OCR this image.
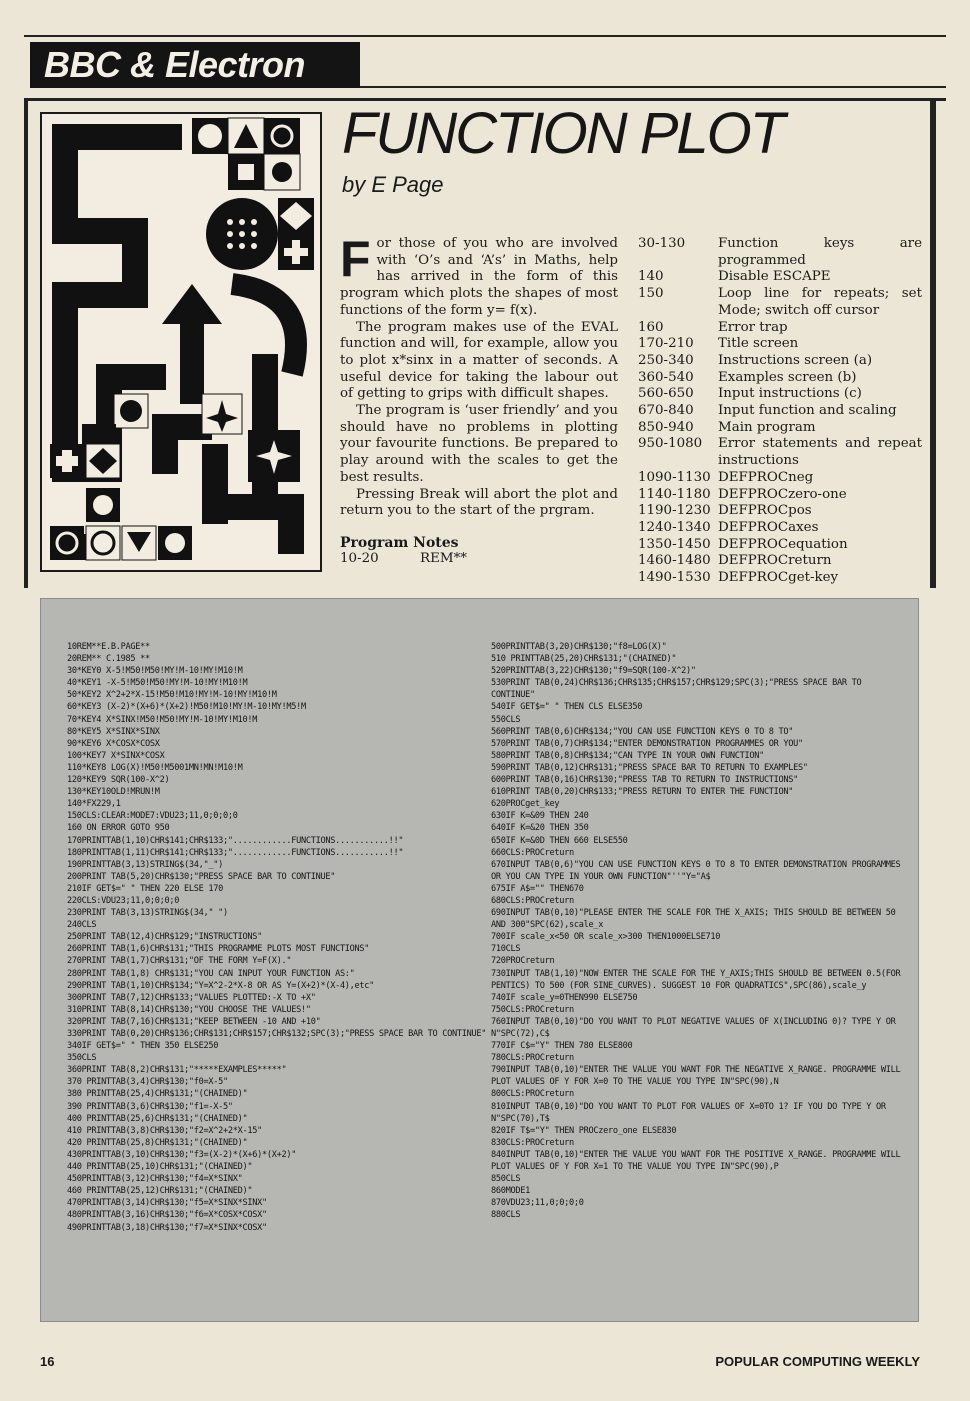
BBC & Electron
FUNCTION PLOT
by E Page

For those of you who are involved with ‘O’s and ‘A’s’ in Maths, help has arrived in the form of this program which plots the shapes of most functions of the form y= f(x).

The program makes use of the EVAL function and will, for example, allow you to plot x*sinx in a matter of seconds. A useful device for taking the labour out of getting to grips with difficult shapes.

The program is ‘user friendly’ and you should have no problems in plotting your favourite functions. Be prepared to play around with the scales to get the best results.

Pressing Break will abort the plot and return you to the start of the prgram.

Program Notes
10-20	REM**
30-130	Function keys are programmed
140	Disable ESCAPE
150	Loop line for repeats; set Mode; switch off cursor
160	Error trap
170-210	Title screen
250-340	Instructions screen (a)
360-540	Examples screen (b)
560-650	Input instructions (c)
670-840	Input function and scaling
850-940	Main program
950-1080	Error statements and repeat instructions
1090-1130 DEFPROCneg
1140-1180 DEFPROCzero-one
1190-1230 DEFPROCpos
1240-1340 DEFPROCaxes
1350-1450 DEFPROCequation
1460-1480 DEFPROCreturn
1490-1530 DEFPROCget-key
10REM**E.B.PAGE**
20REM** C.1985 **
30*KEY0 X-5!M50!M50!MY!M-10!MY!M10!M
40*KEY1 -X-5!M50!M50!MY!M-10!MY!M10!M
50*KEY2 X^2+2*X-15!M50!M10!MY!M-10!MY!M10!M
60*KEY3 (X-2)*(X+6)*(X+2)!M50!M10!MY!M-10!MY!M5!M
70*KEY4 X*SINX!M50!M50!MY!M-10!MY!M10!M
80*KEY5 X*SINX*SINX
90*KEY6 X*COSX*COSX
100*KEY7 X*SINX*COSX
110*KEY8 LOG(X)!M50!M5001MN!MN!M10!M
120*KEY9 SQR(100-X^2)
130*KEY10OLD!MRUN!M
140*FX229,1
150CLS:CLEAR:MODE7:VDU23;11,0;0;0;0
160 ON ERROR GOTO 950
170PRINTTAB(1,10)CHR$141;CHR$133;"............FUNCTIONS...........!!"
180PRINTTAB(1,11)CHR$141;CHR$133;"............FUNCTIONS...........!!"
190PRINTTAB(3,13)STRING$(34,"_")
200PRINT TAB(5,20)CHR$130;"PRESS SPACE BAR TO CONTINUE"
210IF GET$=" " THEN 220 ELSE 170
220CLS:VDU23;11,0;0;0;0
230PRINT TAB(3,13)STRING$(34," ")
240CLS
250PRINT TAB(12,4)CHR$129;"INSTRUCTIONS"
260PRINT TAB(1,6)CHR$131;"THIS PROGRAMME PLOTS MOST FUNCTIONS"
270PRINT TAB(1,7)CHR$131;"OF THE FORM Y=F(X)."
280PRINT TAB(1,8) CHR$131;"YOU CAN INPUT YOUR FUNCTION AS:"
290PRINT TAB(1,10)CHR$134;"Y=X^2-2*X-8 OR AS Y=(X+2)*(X-4),etc"
300PRINT TAB(7,12)CHR$133;"VALUES PLOTTED:-X TO +X"
310PRINT TAB(8,14)CHR$130;"YOU CHOOSE THE VALUES!"
320PRINT TAB(7,16)CHR$131;"KEEP BETWEEN -10 AND +10"
330PRINT TAB(0,20)CHR$136;CHR$131;CHR$157;CHR$132;SPC(3);"PRESS SPACE BAR TO CONTINUE"
340IF GET$=" " THEN 350 ELSE250
350CLS
360PRINT TAB(8,2)CHR$131;"*****EXAMPLES*****"
370 PRINTTAB(3,4)CHR$130;"f0=X-5"
380 PRINTTAB(25,4)CHR$131;"(CHAINED)"
390 PRINTTAB(3,6)CHR$130;"f1=-X-5"
400 PRINTTAB(25,6)CHR$131;"(CHAINED)"
410 PRINTTAB(3,8)CHR$130;"f2=X^2+2*X-15"
420 PRINTTAB(25,8)CHR$131;"(CHAINED)"
430PRINTTAB(3,10)CHR$130;"f3=(X-2)*(X+6)*(X+2)"
440 PRINTTAB(25,10)CHR$131;"(CHAINED)"
450PRINTTAB(3,12)CHR$130;"f4=X*SINX"
460 PRINTTAB(25,12)CHR$131;"(CHAINED)"
470PRINTTAB(3,14)CHR$130;"f5=X*SINX*SINX"
480PRINTTAB(3,16)CHR$130;"f6=X*COSX*COSX"
490PRINTTAB(3,18)CHR$130;"f7=X*SINX*COSX"
500PRINTTAB(3,20)CHR$130;"f8=LOG(X)"
510 PRINTTAB(25,20)CHR$131;"(CHAINED)"
520PRINTTAB(3,22)CHR$130;"f9=SQR(100-X^2)"
530PRINT TAB(0,24)CHR$136;CHR$135;CHR$157;CHR$129;SPC(3);"PRESS SPACE BAR TO CONTINUE"
540IF GET$=" " THEN CLS ELSE350
550CLS
560PRINT TAB(0,6)CHR$134;"YOU CAN USE FUNCTION KEYS 0 TO 8 TO"
570PRINT TAB(0,7)CHR$134;"ENTER DEMONSTRATION PROGRAMMES OR YOU"
580PRINT TAB(0,8)CHR$134;"CAN TYPE IN YOUR OWN FUNCTION"
590PRINT TAB(0,12)CHR$131;"PRESS SPACE BAR TO RETURN TO EXAMPLES"
600PRINT TAB(0,16)CHR$130;"PRESS TAB TO RETURN TO INSTRUCTIONS"
610PRINT TAB(0,20)CHR$133;"PRESS RETURN TO ENTER THE FUNCTION"
620PROCget_key
630IF K=&09 THEN 240
640IF K=&20 THEN 350
650IF K=&0D THEN 660 ELSE550
660CLS:PROCreturn
670INPUT TAB(0,6)"YOU CAN USE FUNCTION KEYS 0 TO 8 TO ENTER DEMONSTRATION PROGRAMMES OR YOU CAN TYPE IN YOUR OWN FUNCTION"''"Y="A$
675IF A$="" THEN670
680CLS:PROCreturn
690INPUT TAB(0,10)"PLEASE ENTER THE SCALE FOR THE X_AXIS; THIS SHOULD BE BETWEEN 50 AND 300"SPC(62),scale_x
700IF scale_x<50 OR scale_x>300 THEN1000ELSE710
710CLS
720PROCreturn
730INPUT TAB(1,10)"NOW ENTER THE SCALE FOR THE Y_AXIS;THIS SHOULD BE BETWEEN 0.5(FOR PENTICS) TO 500 (FOR SINE_CURVES). SUGGEST 10 FOR QUADRATICS",SPC(86),scale_y
740IF scale_y=0THEN990 ELSE750
750CLS:PROCreturn
760INPUT TAB(0,10)"DO YOU WANT TO PLOT NEGATIVE VALUES OF X(INCLUDING 0)? TYPE Y OR N"SPC(72),C$
770IF C$="Y" THEN 780 ELSE800
780CLS:PROCreturn
790INPUT TAB(0,10)"ENTER THE VALUE YOU WANT FOR THE NEGATIVE X_RANGE. PROGRAMME WILL PLOT VALUES OF Y FOR X=0 TO THE VALUE YOU TYPE IN"SPC(90),N
800CLS:PROCreturn
810INPUT TAB(0,10)"DO YOU WANT TO PLOT FOR VALUES OF X=0TO 1? IF YOU DO TYPE Y OR N"SPC(70),T$
820IF T$="Y" THEN PROCzero_one ELSE830
830CLS:PROCreturn
840INPUT TAB(0,10)"ENTER THE VALUE YOU WANT FOR THE POSITIVE X_RANGE. PROGRAMME WILL PLOT VALUES OF Y FOR X=1 TO THE VALUE YOU TYPE IN"SPC(90),P
850CLS
860MODE1
870VDU23;11,0;0;0;0
880CLS
16	POPULAR COMPUTING WEEKLY
